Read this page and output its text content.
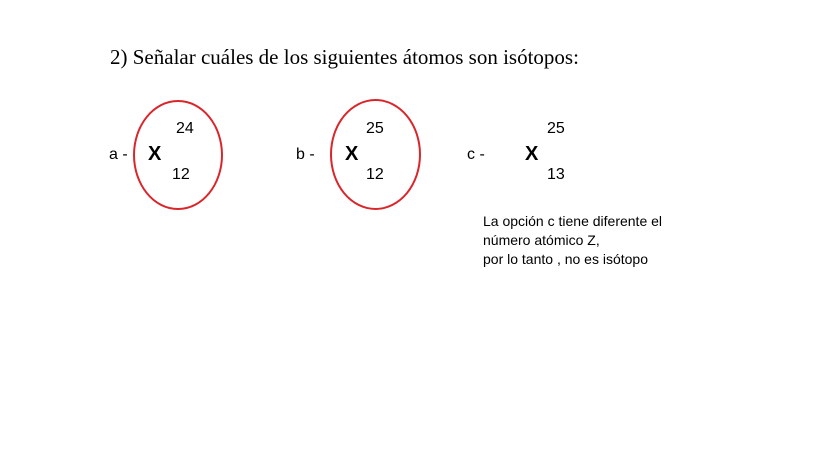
2) Señalar cuáles de los siguientes átomos son isótopos:
a -
24
X
12
b -
25
X
12
c -
25
X
13
La opción c tiene diferente el
número atómico Z,
por lo tanto , no es isótopo
